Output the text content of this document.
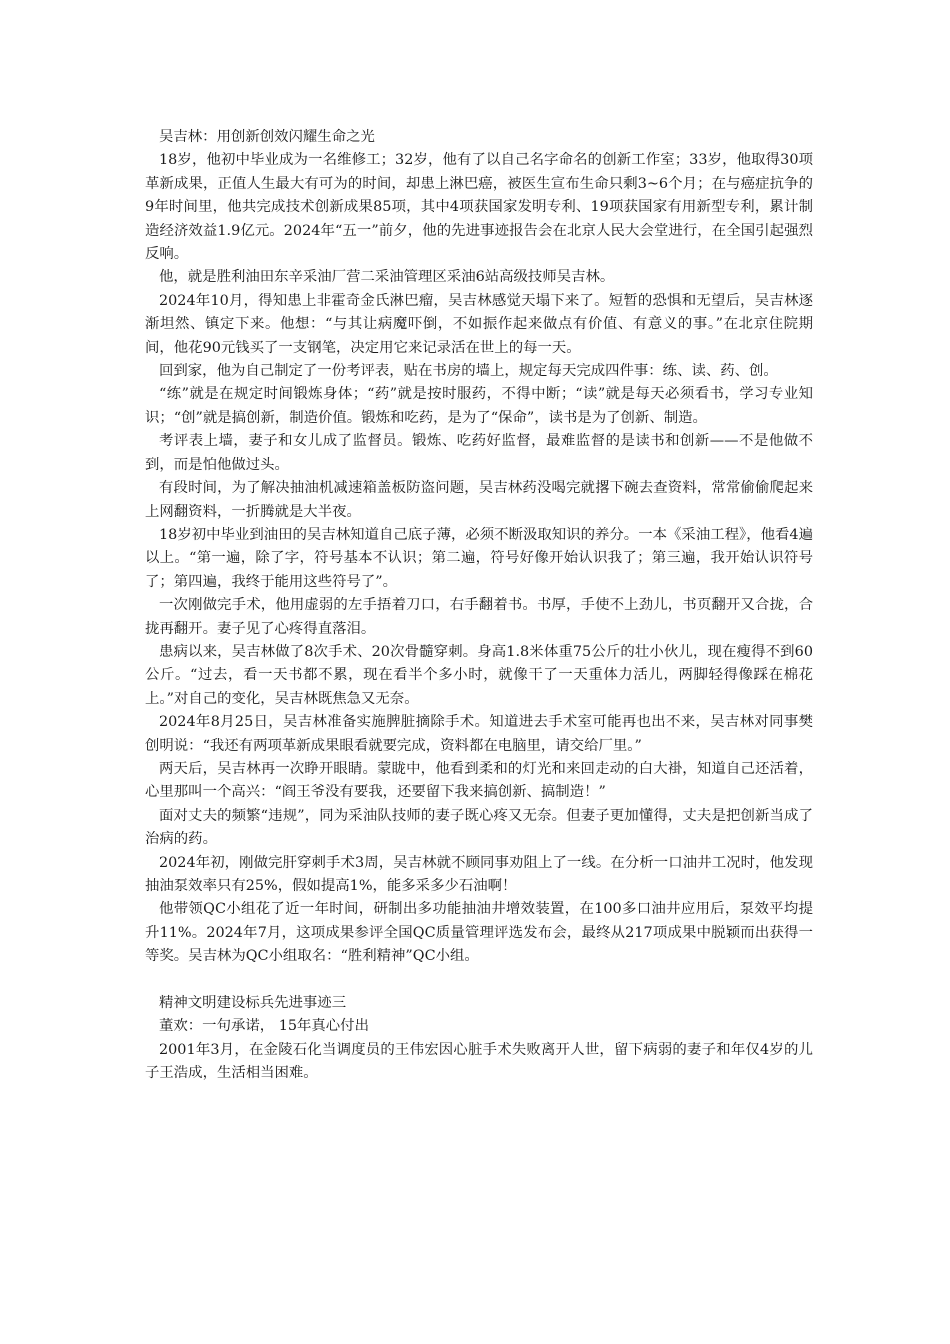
吴吉林：用创新创效闪耀生命之光

18岁，他初中毕业成为一名维修工；32岁，他有了以自己名字命名的创新工作室；33岁，他取得30项革新成果，正值人生最大有可为的时间，却患上淋巴癌，被医生宣布生命只剩3~6个月；在与癌症抗争的9年时间里，他共完成技术创新成果85项，其中4项获国家发明专利、19项获国家有用新型专利，累计制造经济效益1.9亿元。2024年“五一”前夕，他的先进事迹报告会在北京人民大会堂进行，在全国引起强烈反响。

他，就是胜利油田东辛采油厂营二采油管理区采油6站高级技师吴吉林。

2024年10月，得知患上非霍奇金氏淋巴瘤，吴吉林感觉天塌下来了。短暂的恐惧和无望后，吴吉林逐渐坦然、镇定下来。他想：“与其让病魔吓倒，不如振作起来做点有价值、有意义的事。”在北京住院期间，他花90元钱买了一支钢笔，决定用它来记录活在世上的每一天。

回到家，他为自己制定了一份考评表，贴在书房的墙上，规定每天完成四件事：练、读、药、创。

“练”就是在规定时间锻炼身体；“药”就是按时服药，不得中断；“读”就是每天必须看书，学习专业知识；“创”就是搞创新，制造价值。锻炼和吃药，是为了“保命”，读书是为了创新、制造。

考评表上墙，妻子和女儿成了监督员。锻炼、吃药好监督，最难监督的是读书和创新——不是他做不到，而是怕他做过头。

有段时间，为了解决抽油机减速箱盖板防盗问题，吴吉林药没喝完就撂下碗去查资料，常常偷偷爬起来上网翻资料，一折腾就是大半夜。

18岁初中毕业到油田的吴吉林知道自己底子薄，必须不断汲取知识的养分。一本《采油工程》，他看4遍以上。“第一遍，除了字，符号基本不认识；第二遍，符号好像开始认识我了；第三遍，我开始认识符号了；第四遍，我终于能用这些符号了”。

一次刚做完手术，他用虚弱的左手捂着刀口，右手翻着书。书厚，手使不上劲儿，书页翻开又合拢，合拢再翻开。妻子见了心疼得直落泪。

患病以来，吴吉林做了8次手术、20次骨髓穿刺。身高1.8米体重75公斤的壮小伙儿，现在瘦得不到60公斤。“过去，看一天书都不累，现在看半个多小时，就像干了一天重体力活儿，两脚轻得像踩在棉花上。”对自己的变化，吴吉林既焦急又无奈。

2024年8月25日，吴吉林准备实施脾脏摘除手术。知道进去手术室可能再也出不来，吴吉林对同事樊创明说：“我还有两项革新成果眼看就要完成，资料都在电脑里，请交给厂里。”

两天后，吴吉林再一次睁开眼睛。蒙眬中，他看到柔和的灯光和来回走动的白大褂，知道自己还活着，心里那叫一个高兴：“阎王爷没有要我，还要留下我来搞创新、搞制造！”

面对丈夫的频繁“违规”，同为采油队技师的妻子既心疼又无奈。但妻子更加懂得，丈夫是把创新当成了治病的药。

2024年初，刚做完肝穿刺手术3周，吴吉林就不顾同事劝阻上了一线。在分析一口油井工况时，他发现抽油泵效率只有25%，假如提高1%，能多采多少石油啊！

他带领QC小组花了近一年时间，研制出多功能抽油井增效装置，在100多口油井应用后，泵效平均提升11%。2024年7月，这项成果参评全国QC质量管理评选发布会，最终从217项成果中脱颖而出获得一等奖。吴吉林为QC小组取名：“胜利精神”QC小组。

精神文明建设标兵先进事迹三

董欢：一句承诺， 15年真心付出

2001年3月，在金陵石化当调度员的王伟宏因心脏手术失败离开人世，留下病弱的妻子和年仅4岁的儿子王浩成，生活相当困难。
